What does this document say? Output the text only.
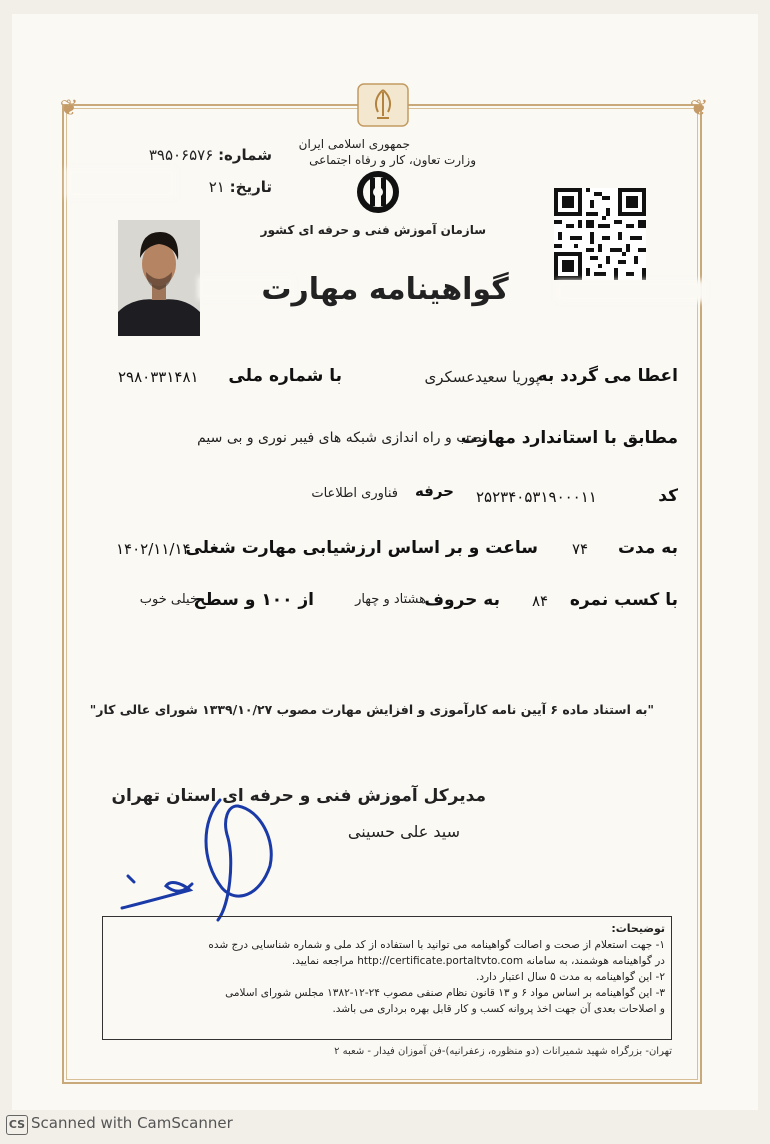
❦	❦
جمهوری اسلامی ایران
وزارت تعاون، کار و رفاه اجتماعی
سازمان آموزش فنی و حرفه ای کشور
شماره: ۳۹۵۰۶۵۷۶
تاریخ: ۲۱
گواهینامه مهارت
اعطا می گردد به
پوریا سعیدعسکری
با شماره ملی
۲۹۸۰۳۳۱۴۸۱
مطابق با استاندارد مهارت
نصب و راه اندازی شبکه های فیبر نوری و بی سیم
کد
۲۵۲۳۴۰۵۳۱۹۰۰۰۱۱
حرفه
فناوری اطلاعات
به مدت
۷۴
ساعت و بر اساس ارزشیابی مهارت شغلی
۱۴۰۲/۱۱/۱۴
با کسب نمره
۸۴
به حروف
هشتاد و چهار
از ۱۰۰ و سطح
خیلی خوب
"به استناد ماده ۶ آیین نامه کارآموزی و افزایش مهارت مصوب ۱۳۳۹/۱۰/۲۷ شورای عالی کار"
مدیرکل آموزش فنی و حرفه ای استان تهران
سید علی حسینی
توضیحات:
۱- جهت استعلام از صحت و اصالت گواهینامه می توانید با استفاده از کد ملی و شماره شناسایی درج شده
در گواهینامه هوشمند، به سامانه http://certificate.portaltvto.com مراجعه نمایید.
۲- این گواهینامه به مدت ۵ سال اعتبار دارد.
۳- این گواهینامه بر اساس مواد ۶ و ۱۳ قانون نظام صنفی مصوب ۲۴-۱۲-۱۳۸۲ مجلس شورای اسلامی
و اصلاحات بعدی آن جهت اخذ پروانه کسب و کار قابل بهره برداری می باشد.
تهران- بزرگراه شهید شمیرانات (دو منظوره، زعفرانیه)-فن آموزان فیدار - شعبه ۲
CS Scanned with CamScanner
